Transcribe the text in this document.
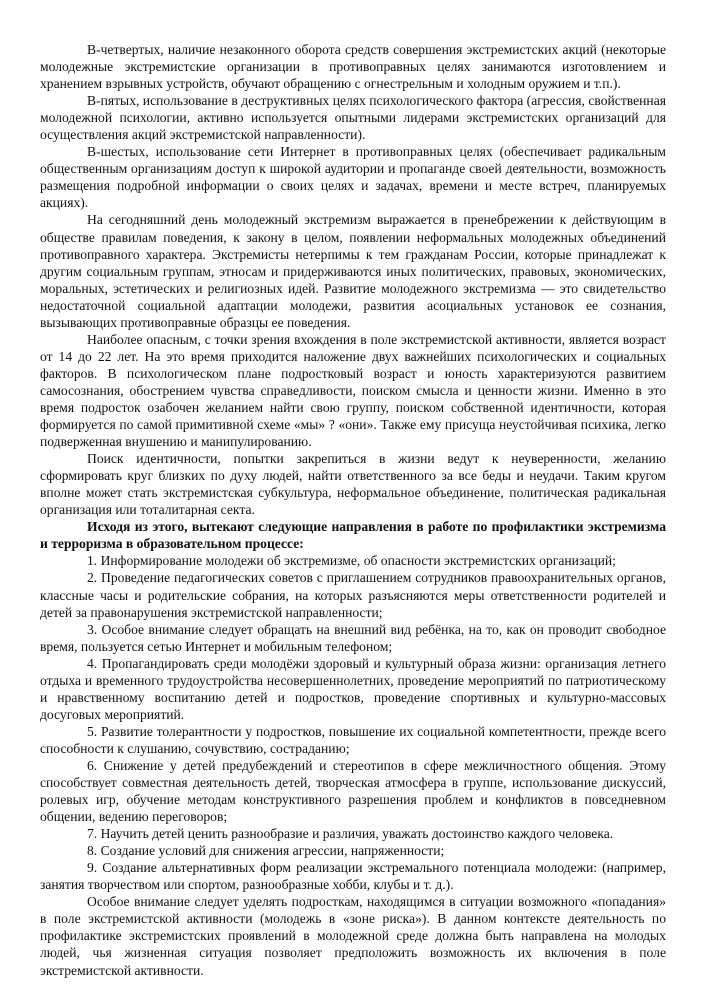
В-четвертых, наличие незаконного оборота средств совершения экстремистских акций (некоторые молодежные экстремистские организации в противоправных целях занимаются изготовлением и хранением взрывных устройств, обучают обращению с огнестрельным и холодным оружием и т.п.).

В-пятых, использование в деструктивных целях психологического фактора (агрессия, свойственная молодежной психологии, активно используется опытными лидерами экстремистских организаций для осуществления акций экстремистской направленности).

В-шестых, использование сети Интернет в противоправных целях (обеспечивает радикальным общественным организациям доступ к широкой аудитории и пропаганде своей деятельности, возможность размещения подробной информации о своих целях и задачах, времени и месте встреч, планируемых акциях).

На сегодняшний день молодежный экстремизм выражается в пренебрежении к действующим в обществе правилам поведения, к закону в целом, появлении неформальных молодежных объединений противоправного характера. Экстремисты нетерпимы к тем гражданам России, которые принадлежат к другим социальным группам, этносам и придерживаются иных политических, правовых, экономических, моральных, эстетических и религиозных идей. Развитие молодежного экстремизма — это свидетельство недостаточной социальной адаптации молодежи, развития асоциальных установок ее сознания, вызывающих противоправные образцы ее поведения.

Наиболее опасным, с точки зрения вхождения в поле экстремистской активности, является возраст от 14 до 22 лет. На это время приходится наложение двух важнейших психологических и социальных факторов. В психологическом плане подростковый возраст и юность характеризуются развитием самосознания, обострением чувства справедливости, поиском смысла и ценности жизни. Именно в это время подросток озабочен желанием найти свою группу, поиском собственной идентичности, которая формируется по самой примитивной схеме «мы» ? «они». Также ему присуща неустойчивая психика, легко подверженная внушению и манипулированию.

Поиск идентичности, попытки закрепиться в жизни ведут к неуверенности, желанию сформировать круг близких по духу людей, найти ответственного за все беды и неудачи. Таким кругом вполне может стать экстремистская субкультура, неформальное объединение, политическая радикальная организация или тоталитарная секта.

Исходя из этого, вытекают следующие направления в работе по профилактики экстремизма и терроризма в образовательном процессе:

1. Информирование молодежи об экстремизме, об опасности экстремистских организаций;

2. Проведение педагогических советов с приглашением сотрудников правоохранительных органов, классные часы и родительские собрания, на которых разъясняются меры ответственности родителей и детей за правонарушения экстремистской направленности;

3. Особое внимание следует обращать на внешний вид ребёнка, на то, как он проводит свободное время, пользуется сетью Интернет и мобильным телефоном;

4. Пропагандировать среди молодёжи здоровый и культурный образа жизни: организация летнего отдыха и временного трудоустройства несовершеннолетних, проведение мероприятий по патриотическому и нравственному воспитанию детей и подростков, проведение спортивных и культурно-массовых досуговых мероприятий.

5. Развитие толерантности у подростков, повышение их социальной компетентности, прежде всего способности к слушанию, сочувствию, состраданию;

6. Снижение у детей предубеждений и стереотипов в сфере межличностного общения. Этому способствует совместная деятельность детей, творческая атмосфера в группе, использование дискуссий, ролевых игр, обучение методам конструктивного разрешения проблем и конфликтов в повседневном общении, ведению переговоров;

7. Научить детей ценить разнообразие и различия, уважать достоинство каждого человека.

8. Создание условий для снижения агрессии, напряженности;

9. Создание альтернативных форм реализации экстремального потенциала молодежи: (например, занятия творчеством или спортом, разнообразные хобби, клубы и т. д.).

Особое внимание следует уделять подросткам, находящимся в ситуации возможного «попадания» в поле экстремистской активности (молодежь в «зоне риска»). В данном контексте деятельность по профилактике экстремистских проявлений в молодежной среде должна быть направлена на молодых людей, чья жизненная ситуация позволяет предположить возможность их включения в поле экстремистской активности.
